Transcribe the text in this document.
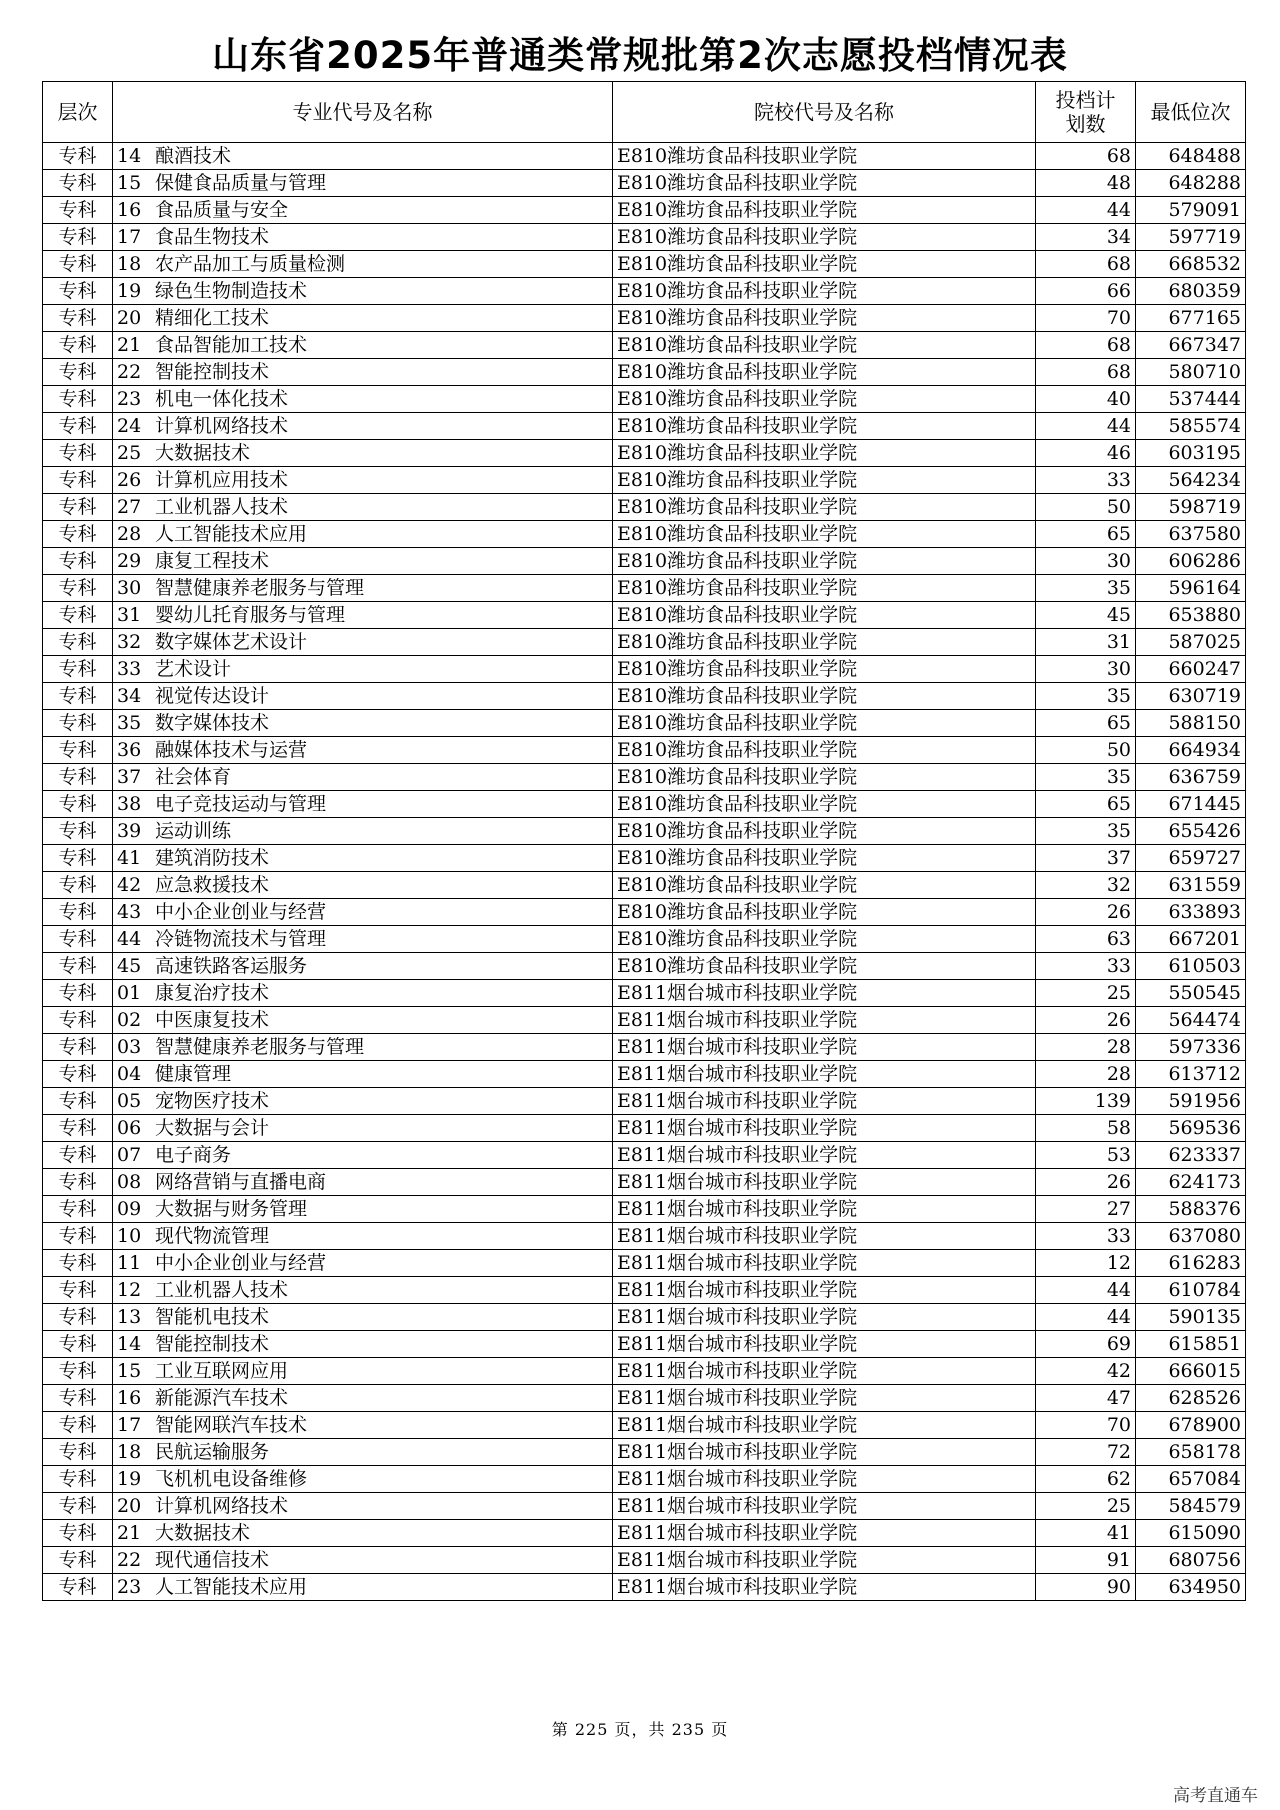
山东省2025年普通类常规批第2次志愿投档情况表
层次	专业代号及名称	院校代号及名称	投档计划数	最低位次
专科	14 酿酒技术	E810潍坊食品科技职业学院	68	648488
专科	15 保健食品质量与管理	E810潍坊食品科技职业学院	48	648288
专科	16 食品质量与安全	E810潍坊食品科技职业学院	44	579091
专科	17 食品生物技术	E810潍坊食品科技职业学院	34	597719
专科	18 农产品加工与质量检测	E810潍坊食品科技职业学院	68	668532
专科	19 绿色生物制造技术	E810潍坊食品科技职业学院	66	680359
专科	20 精细化工技术	E810潍坊食品科技职业学院	70	677165
专科	21 食品智能加工技术	E810潍坊食品科技职业学院	68	667347
专科	22 智能控制技术	E810潍坊食品科技职业学院	68	580710
专科	23 机电一体化技术	E810潍坊食品科技职业学院	40	537444
专科	24 计算机网络技术	E810潍坊食品科技职业学院	44	585574
专科	25 大数据技术	E810潍坊食品科技职业学院	46	603195
专科	26 计算机应用技术	E810潍坊食品科技职业学院	33	564234
专科	27 工业机器人技术	E810潍坊食品科技职业学院	50	598719
专科	28 人工智能技术应用	E810潍坊食品科技职业学院	65	637580
专科	29 康复工程技术	E810潍坊食品科技职业学院	30	606286
专科	30 智慧健康养老服务与管理	E810潍坊食品科技职业学院	35	596164
专科	31 婴幼儿托育服务与管理	E810潍坊食品科技职业学院	45	653880
专科	32 数字媒体艺术设计	E810潍坊食品科技职业学院	31	587025
专科	33 艺术设计	E810潍坊食品科技职业学院	30	660247
专科	34 视觉传达设计	E810潍坊食品科技职业学院	35	630719
专科	35 数字媒体技术	E810潍坊食品科技职业学院	65	588150
专科	36 融媒体技术与运营	E810潍坊食品科技职业学院	50	664934
专科	37 社会体育	E810潍坊食品科技职业学院	35	636759
专科	38 电子竞技运动与管理	E810潍坊食品科技职业学院	65	671445
专科	39 运动训练	E810潍坊食品科技职业学院	35	655426
专科	41 建筑消防技术	E810潍坊食品科技职业学院	37	659727
专科	42 应急救援技术	E810潍坊食品科技职业学院	32	631559
专科	43 中小企业创业与经营	E810潍坊食品科技职业学院	26	633893
专科	44 冷链物流技术与管理	E810潍坊食品科技职业学院	63	667201
专科	45 高速铁路客运服务	E810潍坊食品科技职业学院	33	610503
专科	01 康复治疗技术	E811烟台城市科技职业学院	25	550545
专科	02 中医康复技术	E811烟台城市科技职业学院	26	564474
专科	03 智慧健康养老服务与管理	E811烟台城市科技职业学院	28	597336
专科	04 健康管理	E811烟台城市科技职业学院	28	613712
专科	05 宠物医疗技术	E811烟台城市科技职业学院	139	591956
专科	06 大数据与会计	E811烟台城市科技职业学院	58	569536
专科	07 电子商务	E811烟台城市科技职业学院	53	623337
专科	08 网络营销与直播电商	E811烟台城市科技职业学院	26	624173
专科	09 大数据与财务管理	E811烟台城市科技职业学院	27	588376
专科	10 现代物流管理	E811烟台城市科技职业学院	33	637080
专科	11 中小企业创业与经营	E811烟台城市科技职业学院	12	616283
专科	12 工业机器人技术	E811烟台城市科技职业学院	44	610784
专科	13 智能机电技术	E811烟台城市科技职业学院	44	590135
专科	14 智能控制技术	E811烟台城市科技职业学院	69	615851
专科	15 工业互联网应用	E811烟台城市科技职业学院	42	666015
专科	16 新能源汽车技术	E811烟台城市科技职业学院	47	628526
专科	17 智能网联汽车技术	E811烟台城市科技职业学院	70	678900
专科	18 民航运输服务	E811烟台城市科技职业学院	72	658178
专科	19 飞机机电设备维修	E811烟台城市科技职业学院	62	657084
专科	20 计算机网络技术	E811烟台城市科技职业学院	25	584579
专科	21 大数据技术	E811烟台城市科技职业学院	41	615090
专科	22 现代通信技术	E811烟台城市科技职业学院	91	680756
专科	23 人工智能技术应用	E811烟台城市科技职业学院	90	634950
第 225 页，共 235 页
高考直通车
